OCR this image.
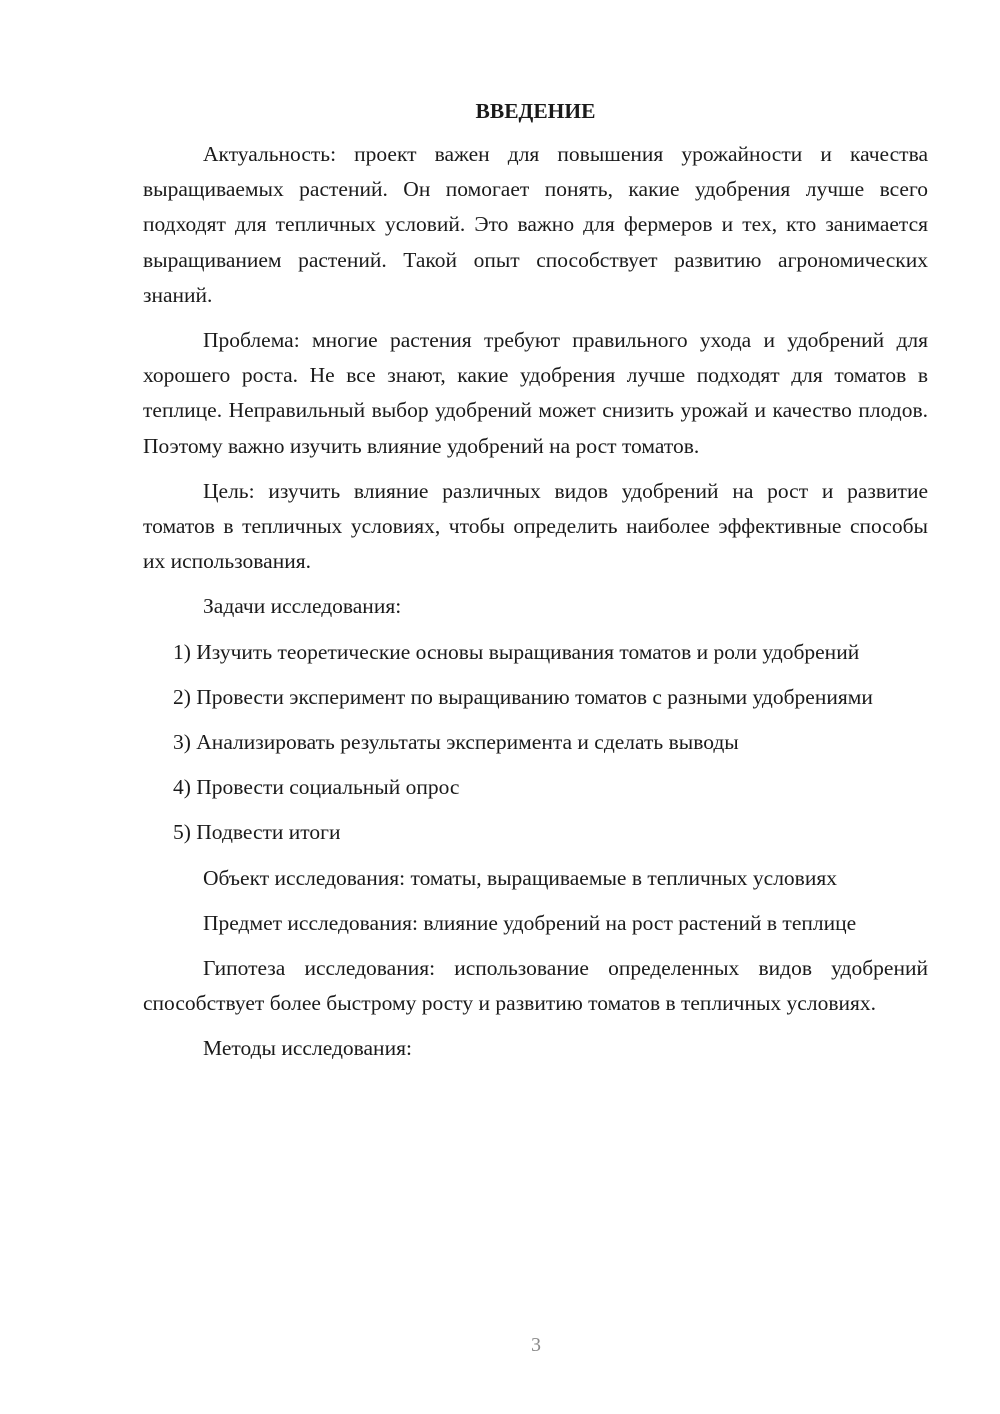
ВВЕДЕНИЕ

Актуальность: проект важен для повышения урожайности и качества выращиваемых растений. Он помогает понять, какие удобрения лучше всего подходят для тепличных условий. Это важно для фермеров и тех, кто занимается выращиванием растений. Такой опыт способствует развитию агрономических знаний.

Проблема: многие растения требуют правильного ухода и удобрений для хорошего роста. Не все знают, какие удобрения лучше подходят для томатов в теплице. Неправильный выбор удобрений может снизить урожай и качество плодов. Поэтому важно изучить влияние удобрений на рост томатов.

Цель: изучить влияние различных видов удобрений на рост и развитие томатов в тепличных условиях, чтобы определить наиболее эффективные способы их использования.

Задачи исследования:

1) Изучить теоретические основы выращивания томатов и роли удобрений

2) Провести эксперимент по выращиванию томатов с разными удобрениями

3) Анализировать результаты эксперимента и сделать выводы

4) Провести социальный опрос

5) Подвести итоги

Объект исследования: томаты, выращиваемые в тепличных условиях

Предмет исследования: влияние удобрений на рост растений в теплице

Гипотеза исследования: использование определенных видов удобрений способствует более быстрому росту и развитию томатов в тепличных условиях.

Методы исследования:

3
